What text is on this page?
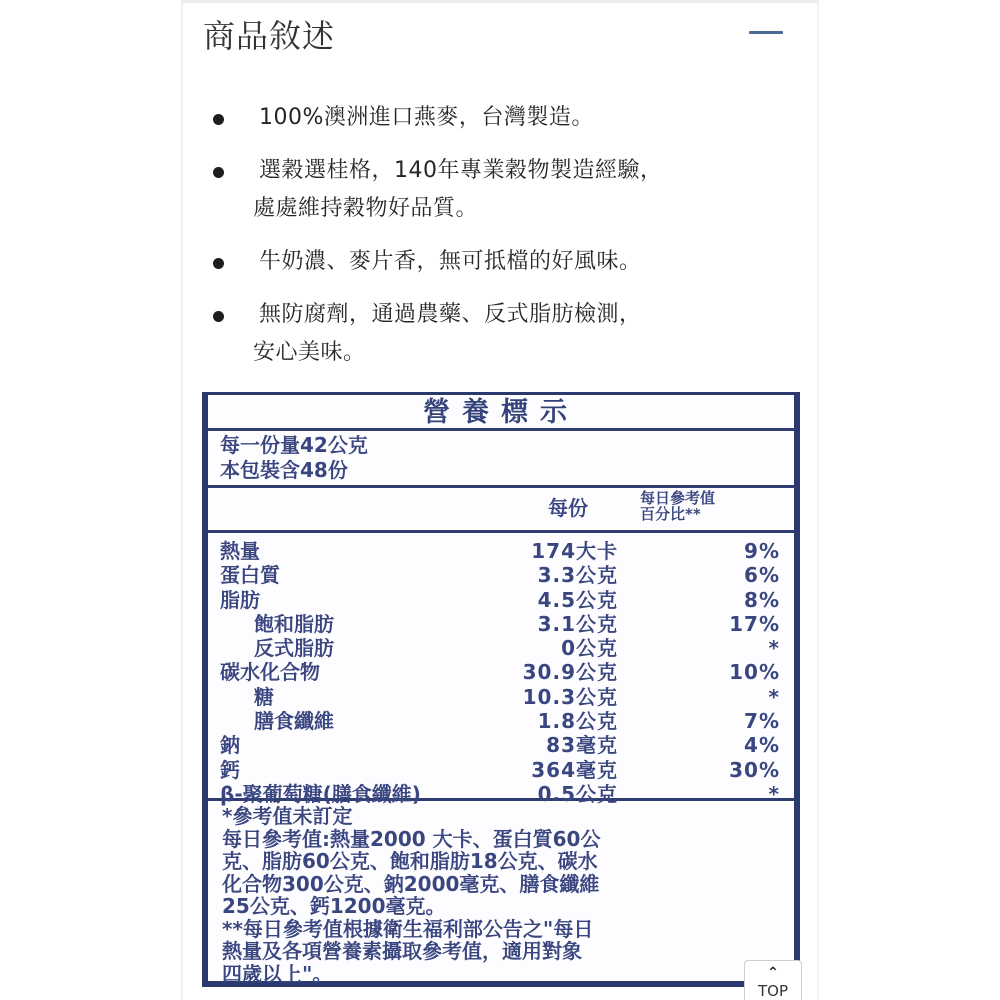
商品敘述
100%澳洲進口燕麥，台灣製造。
選穀選桂格，140年專業穀物製造經驗，
處處維持穀物好品質。
牛奶濃、麥片香，無可抵檔的好風味。
無防腐劑，通過農藥、反式脂肪檢測，
安心美味。
營養標示
每一份量42公克
本包裝含48份
每份	每日參考值
百分比**
熱量	174大卡	9%
蛋白質	3.3公克	6%
脂肪	4.5公克	8%
飽和脂肪	3.1公克	17%
反式脂肪	0公克	*
碳水化合物	30.9公克	10%
糖	10.3公克	*
膳食纖維	1.8公克	7%
鈉	83毫克	4%
鈣	364毫克	30%
β-聚葡萄糖(膳食纖維)	0.5公克	*
*參考值未訂定
每日參考值:熱量2000 大卡、蛋白質60公
克、脂肪60公克、飽和脂肪18公克、碳水
化合物300公克、鈉2000毫克、膳食纖維
25公克、鈣1200毫克。
**每日參考值根據衛生福利部公告之"每日
熱量及各項營養素攝取參考值，適用對象
四歲以上"。	⌃
TOP
